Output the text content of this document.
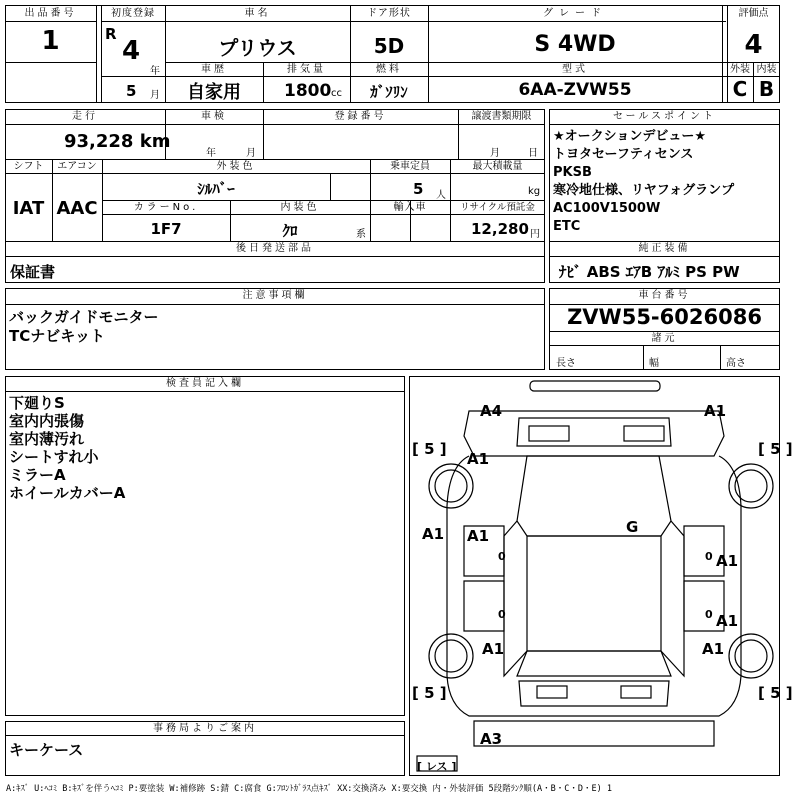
出品番号
1
初度登録
R
4
年
5 月
車名
プリウス
車歴
自家用
排気量
1800 cc
ドア形状
5D
燃料
ｶﾞｿﾘﾝ
グレード
S 4WD
型式
6AA-ZVW55
評価点
4
外装 内装
C B
走行
93,228 km
車検
年	月
登録番号	譲渡書類期限
月	日
シフト	エアコン
IAT AAC
外装色
ｼﾙﾊﾞｰ
乗車定員
5 人
最大積載量
kg
カラーNo.
1F7
内装色
ｸﾛ	系
輸入車	リサイクル預託金
12,280 円
後日発送部品
保証書
セールスポイント
★オークションデビュー★
トヨタセーフティセンス
PKSB
寒冷地仕様、リヤフォグランプ
AC100V1500W
ETC
純正装備
ﾅﾋﾞ ABS ｴｱB ｱﾙﾐ PS PW
注意事項欄
バックガイドモニター
TCナビキット
車台番号
ZVW55-6026086
諸元
長さ	幅	高さ
検査員記入欄
下廻りS
室内内張傷
室内薄汚れ
シートすれ小
ミラーA
ホイールカバーA
事務局よりご案内
キーケース
[ 5 ]	[ 5 ]
[ 5 ]	[ 5 ]
[ レス ]
A4	A1
A1
A1 A1
A1
G
A1
A1
A1
A3
0
0
0
0
A:ｷｽﾞ U:ﾍｺﾐ B:ｷｽﾞを伴うﾍｺﾐ P:要塗装 W:補修跡 S:錆 C:腐食 G:ﾌﾛﾝﾄｶﾞﾗｽ点ｷｽﾞ XX:交換済み X:要交換 内・外装評価 5段階ﾗﾝｸ順(A・B・C・D・E) 1
